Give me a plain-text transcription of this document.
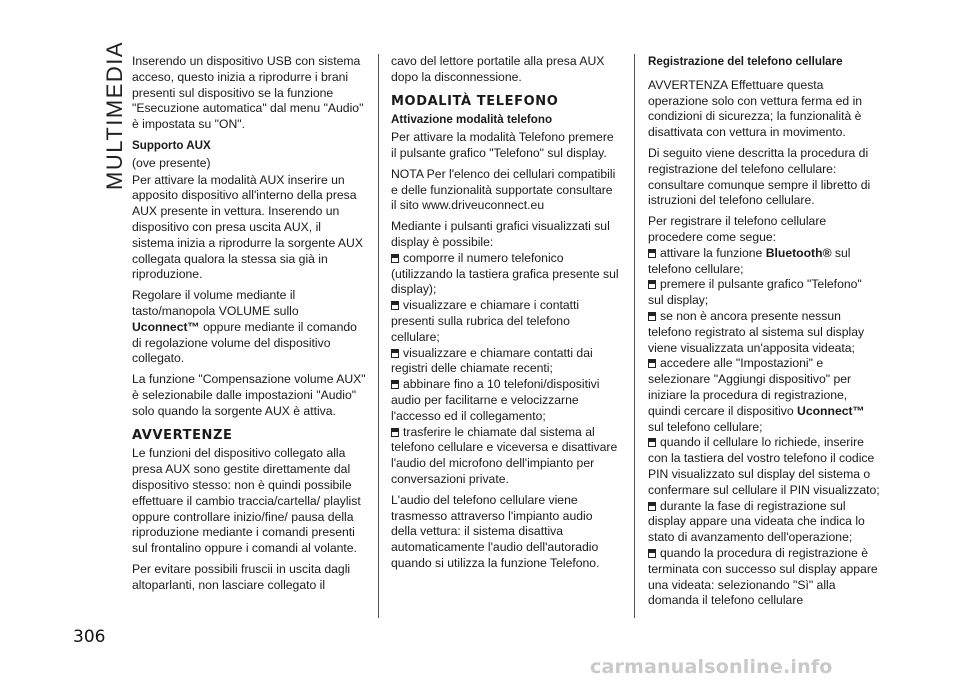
MULTIMEDIA Inserendo un dispositivo USB con sistema acceso, questo inizia a riprodurre i brani presenti sul dispositivo se la funzione "Esecuzione automatica" dal menu "Audio" è impostata su "ON".

Supporto AUX

(ove presente)

Per attivare la modalità AUX inserire un apposito dispositivo all'interno della presa AUX presente in vettura. Inserendo un dispositivo con presa uscita AUX, il sistema inizia a riprodurre la sorgente AUX collegata qualora la stessa sia già in riproduzione.

Regolare il volume mediante il tasto/manopola VOLUME sullo Uconnect™ oppure mediante il comando di regolazione volume del dispositivo collegato.

La funzione "Compensazione volume AUX" è selezionabile dalle impostazioni "Audio" solo quando la sorgente AUX è attiva.

AVVERTENZE

Le funzioni del dispositivo collegato alla presa AUX sono gestite direttamente dal dispositivo stesso: non è quindi possibile effettuare il cambio traccia/cartella/ playlist oppure controllare inizio/fine/ pausa della riproduzione mediante i comandi presenti sul frontalino oppure i comandi al volante.

Per evitare possibili fruscii in uscita dagli altoparlanti, non lasciare collegato il

cavo del lettore portatile alla presa AUX dopo la disconnessione.

MODALITÀ TELEFONO
Attivazione modalità telefono

Per attivare la modalità Telefono premere il pulsante grafico "Telefono" sul display.

NOTA Per l'elenco dei cellulari compatibili e delle funzionalità supportate consultare il sito www.driveuconnect.eu

Mediante i pulsanti grafici visualizzati sul display è possibile:

comporre il numero telefonico (utilizzando la tastiera grafica presente sul display);
visualizzare e chiamare i contatti presenti sulla rubrica del telefono cellulare;
visualizzare e chiamare contatti dai registri delle chiamate recenti;
abbinare fino a 10 telefoni/dispositivi audio per facilitarne e velocizzarne l'accesso ed il collegamento;
trasferire le chiamate dal sistema al telefono cellulare e viceversa e disattivare l'audio del microfono dell'impianto per conversazioni private.

L'audio del telefono cellulare viene trasmesso attraverso l'impianto audio della vettura: il sistema disattiva automaticamente l'audio dell'autoradio quando si utilizza la funzione Telefono.

Registrazione del telefono cellulare

AVVERTENZA Effettuare questa operazione solo con vettura ferma ed in condizioni di sicurezza; la funzionalità è disattivata con vettura in movimento.

Di seguito viene descritta la procedura di registrazione del telefono cellulare: consultare comunque sempre il libretto di istruzioni del telefono cellulare.

Per registrare il telefono cellulare procedere come segue:

attivare la funzione Bluetooth® sul telefono cellulare;
premere il pulsante grafico "Telefono" sul display;
se non è ancora presente nessun telefono registrato al sistema sul display viene visualizzata un'apposita videata;
accedere alle "Impostazioni" e selezionare "Aggiungi dispositivo" per iniziare la procedura di registrazione, quindi cercare il dispositivo Uconnect™ sul telefono cellulare;
quando il cellulare lo richiede, inserire con la tastiera del vostro telefono il codice PIN visualizzato sul display del sistema o confermare sul cellulare il PIN visualizzato;
durante la fase di registrazione sul display appare una videata che indica lo stato di avanzamento dell'operazione;
quando la procedura di registrazione è terminata con successo sul display appare una videata: selezionando "Sì" alla domanda il telefono cellulare
306
carmanualsonline.info
